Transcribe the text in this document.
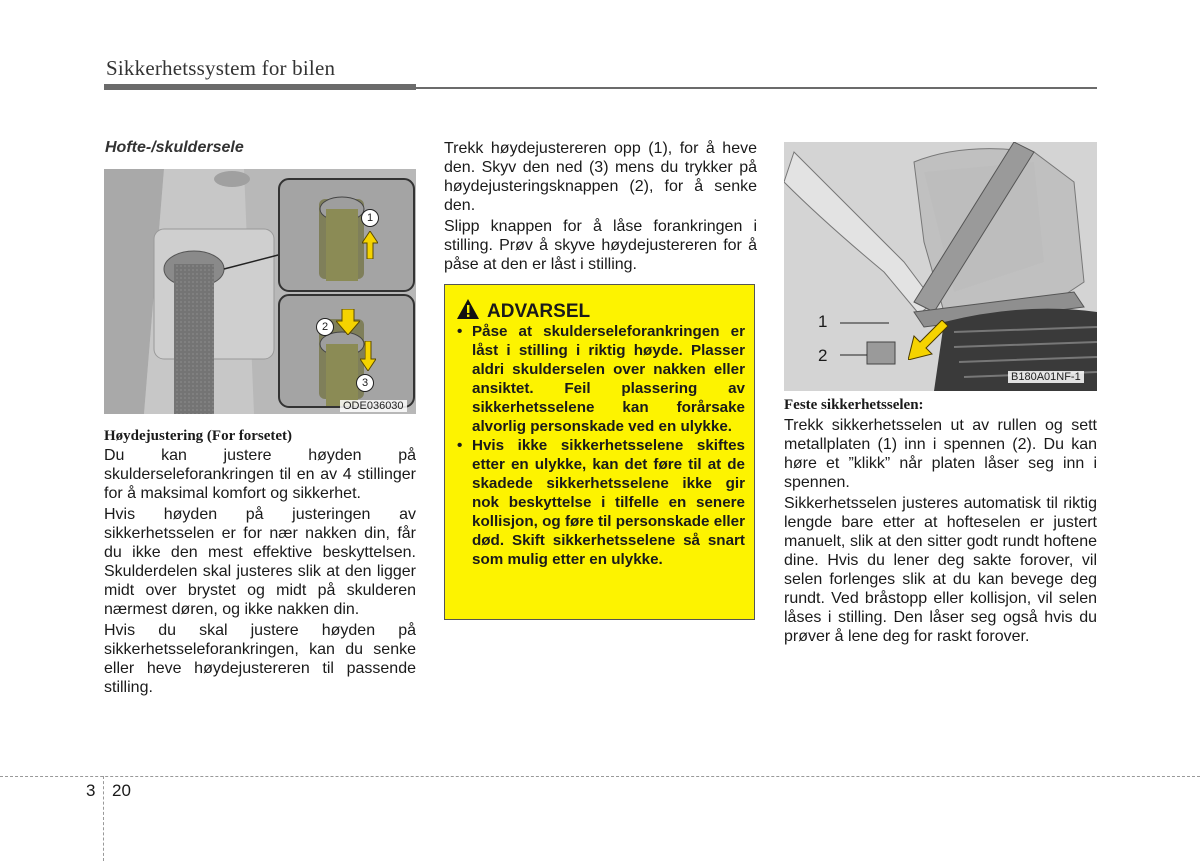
Sikkerhetssystem for bilen
Hofte-/skuldersele
1
2
3
ODE036030

Høydejustering (For forsetet)

Du kan justere høyden på skulderseleforankringen til en av 4 stillinger for å maksimal komfort og sikkerhet.

Hvis høyden på justeringen av sikkerhetsselen er for nær nakken din, får du ikke den mest effektive beskyttelsen. Skulderdelen skal justeres slik at den ligger midt over brystet og midt på skulderen nærmest døren, og ikke nakken din.

Hvis du skal justere høyden på sikkerhetsseleforankringen, kan du senke eller heve høydejustereren til passende stilling.

Trekk høydejustereren opp (1), for å heve den. Skyv den ned (3) mens du trykker på høydejusteringsknappen (2), for å senke den.

Slipp knappen for å låse forankringen i stilling. Prøv å skyve høydejustereren for å påse at den er låst i stilling.

ADVARSEL
• Påse at skulderseleforankringen er låst i stilling i riktig høyde. Plasser aldri skulderselen over nakken eller ansiktet. Feil plassering av sikkerhetsselene kan forårsake alvorlig personskade ved en ulykke.
• Hvis ikke sikkerhetsselene skiftes etter en ulykke, kan det føre til at de skadede sikkerhetsselene ikke gir nok beskyttelse i tilfelle en senere kollisjon, og føre til personskade eller død. Skift sikkerhetsselene så snart som mulig etter en ulykke.
1
2
B180A01NF-1

Feste sikkerhetsselen:

Trekk sikkerhetsselen ut av rullen og sett metallplaten (1) inn i spennen (2). Du kan høre et ”klikk” når platen låser seg inn i spennen.

Sikkerhetsselen justeres automatisk til riktig lengde bare etter at hofteselen er justert manuelt, slik at den sitter godt rundt hoftene dine. Hvis du lener deg sakte forover, vil selen forlenges slik at du kan bevege deg rundt. Ved bråstopp eller kollisjon, vil selen låses i stilling. Den låser seg også hvis du prøver å lene deg for raskt forover.

3 20
